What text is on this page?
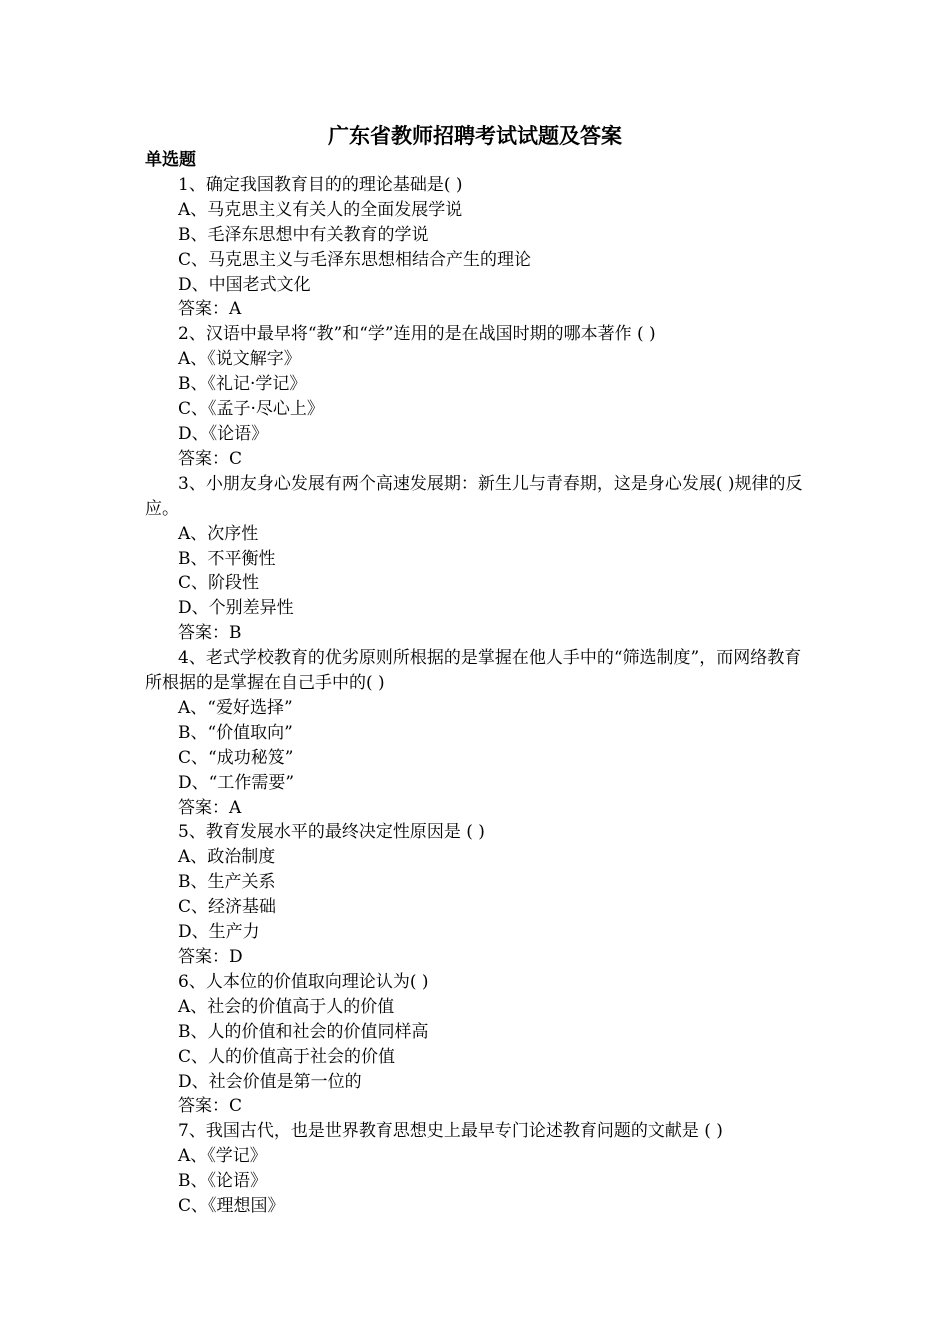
广东省教师招聘考试试题及答案
单选题
1、确定我国教育目的的理论基础是( )
A、马克思主义有关人的全面发展学说
B、毛泽东思想中有关教育的学说
C、马克思主义与毛泽东思想相结合产生的理论
D、中国老式文化
答案：A
2、汉语中最早将“教”和“学”连用的是在战国时期的哪本著作 ( )
A、《说文解字》
B、《礼记·学记》
C、《孟子·尽心上》
D、《论语》
答案：C
3、小朋友身心发展有两个高速发展期：新生儿与青春期，这是身心发展( )规律的反应。
A、次序性
B、不平衡性
C、阶段性
D、个别差异性
答案：B
4、老式学校教育的优劣原则所根据的是掌握在他人手中的“筛选制度”，而网络教育所根据的是掌握在自己手中的( )
A、“爱好选择”
B、“价值取向”
C、“成功秘笈”
D、“工作需要”
答案：A
5、教育发展水平的最终决定性原因是 ( )
A、政治制度
B、生产关系
C、经济基础
D、生产力
答案：D
6、人本位的价值取向理论认为( )
A、社会的价值高于人的价值
B、人的价值和社会的价值同样高
C、人的价值高于社会的价值
D、社会价值是第一位的
答案：C
7、我国古代，也是世界教育思想史上最早专门论述教育问题的文献是 ( )
A、《学记》
B、《论语》
C、《理想国》
